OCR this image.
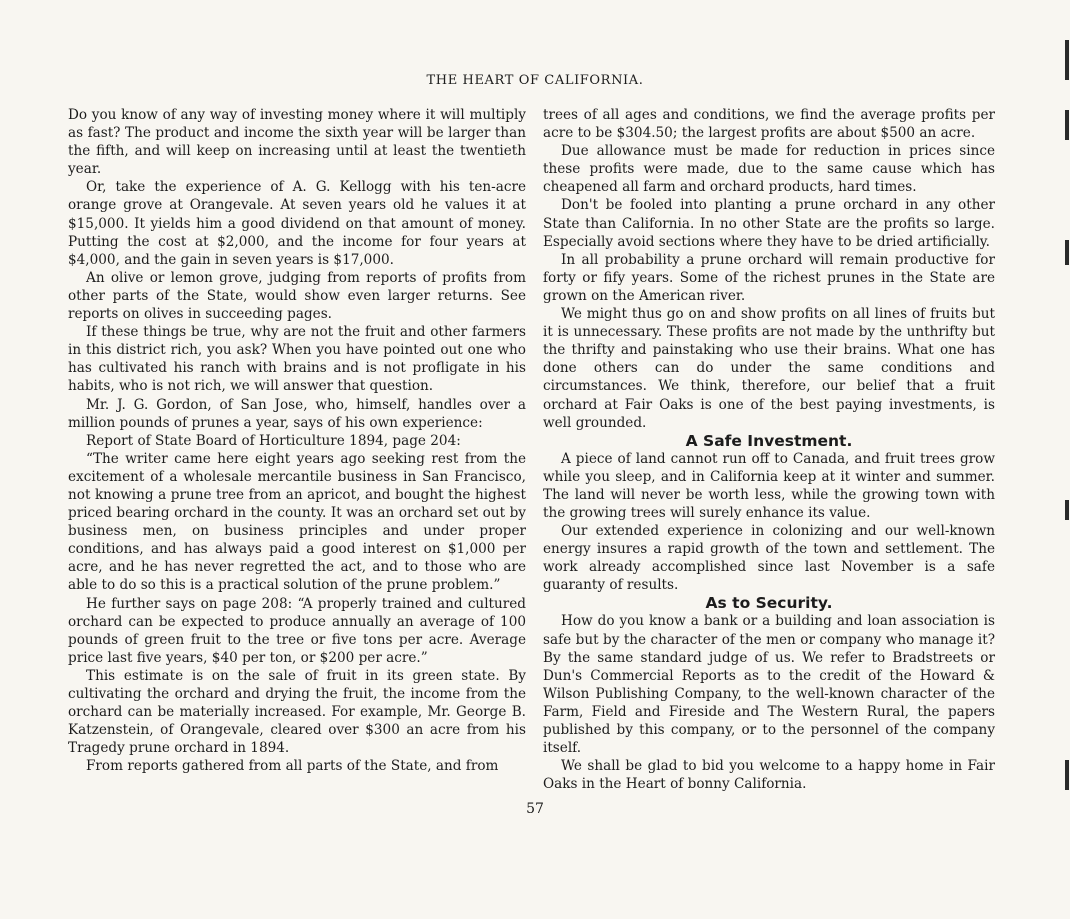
THE HEART OF CALIFORNIA.

Do you know of any way of investing money where it will multiply as fast? The product and income the sixth year will be larger than the fifth, and will keep on increasing until at least the twentieth year.

Or, take the experience of A. G. Kellogg with his ten-acre orange grove at Orangevale. At seven years old he values it at $15,000. It yields him a good dividend on that amount of money. Putting the cost at $2,000, and the income for four years at $4,000, and the gain in seven years is $17,000.

An olive or lemon grove, judging from reports of profits from other parts of the State, would show even larger returns. See reports on olives in succeeding pages.

If these things be true, why are not the fruit and other farmers in this district rich, you ask? When you have pointed out one who has cultivated his ranch with brains and is not profligate in his habits, who is not rich, we will answer that question.

Mr. J. G. Gordon, of San Jose, who, himself, handles over a million pounds of prunes a year, says of his own experience:

Report of State Board of Horticulture 1894, page 204:

“The writer came here eight years ago seeking rest from the excitement of a wholesale mercantile business in San Francisco, not knowing a prune tree from an apricot, and bought the highest priced bearing orchard in the county. It was an orchard set out by business men, on business principles and under proper conditions, and has always paid a good interest on $1,000 per acre, and he has never regretted the act, and to those who are able to do so this is a practical solution of the prune problem.”

He further says on page 208: “A properly trained and cultured orchard can be expected to produce annually an average of 100 pounds of green fruit to the tree or five tons per acre. Average price last five years, $40 per ton, or $200 per acre.”

This estimate is on the sale of fruit in its green state. By cultivating the orchard and drying the fruit, the income from the orchard can be materially increased. For example, Mr. George B. Katzenstein, of Orangevale, cleared over $300 an acre from his Tragedy prune orchard in 1894.

From reports gathered from all parts of the State, and from

trees of all ages and conditions, we find the average profits per acre to be $304.50; the largest profits are about $500 an acre.

Due allowance must be made for reduction in prices since these profits were made, due to the same cause which has cheapened all farm and orchard products, hard times.

Don't be fooled into planting a prune orchard in any other State than California. In no other State are the profits so large. Especially avoid sections where they have to be dried artificially.

In all probability a prune orchard will remain productive for forty or fify years. Some of the richest prunes in the State are grown on the American river.

We might thus go on and show profits on all lines of fruits but it is unnecessary. These profits are not made by the unthrifty but the thrifty and painstaking who use their brains. What one has done others can do under the same conditions and circumstances. We think, therefore, our belief that a fruit orchard at Fair Oaks is one of the best paying investments, is well grounded.

A Safe Investment.

A piece of land cannot run off to Canada, and fruit trees grow while you sleep, and in California keep at it winter and summer. The land will never be worth less, while the growing town with the growing trees will surely enhance its value.

Our extended experience in colonizing and our well-known energy insures a rapid growth of the town and settlement. The work already accomplished since last November is a safe guaranty of results.

As to Security.

How do you know a bank or a building and loan association is safe but by the character of the men or company who manage it? By the same standard judge of us. We refer to Bradstreets or Dun's Commercial Reports as to the credit of the Howard & Wilson Publishing Company, to the well-known character of the Farm, Field and Fireside and The Western Rural, the papers published by this company, or to the personnel of the company itself.

We shall be glad to bid you welcome to a happy home in Fair Oaks in the Heart of bonny California.

57
